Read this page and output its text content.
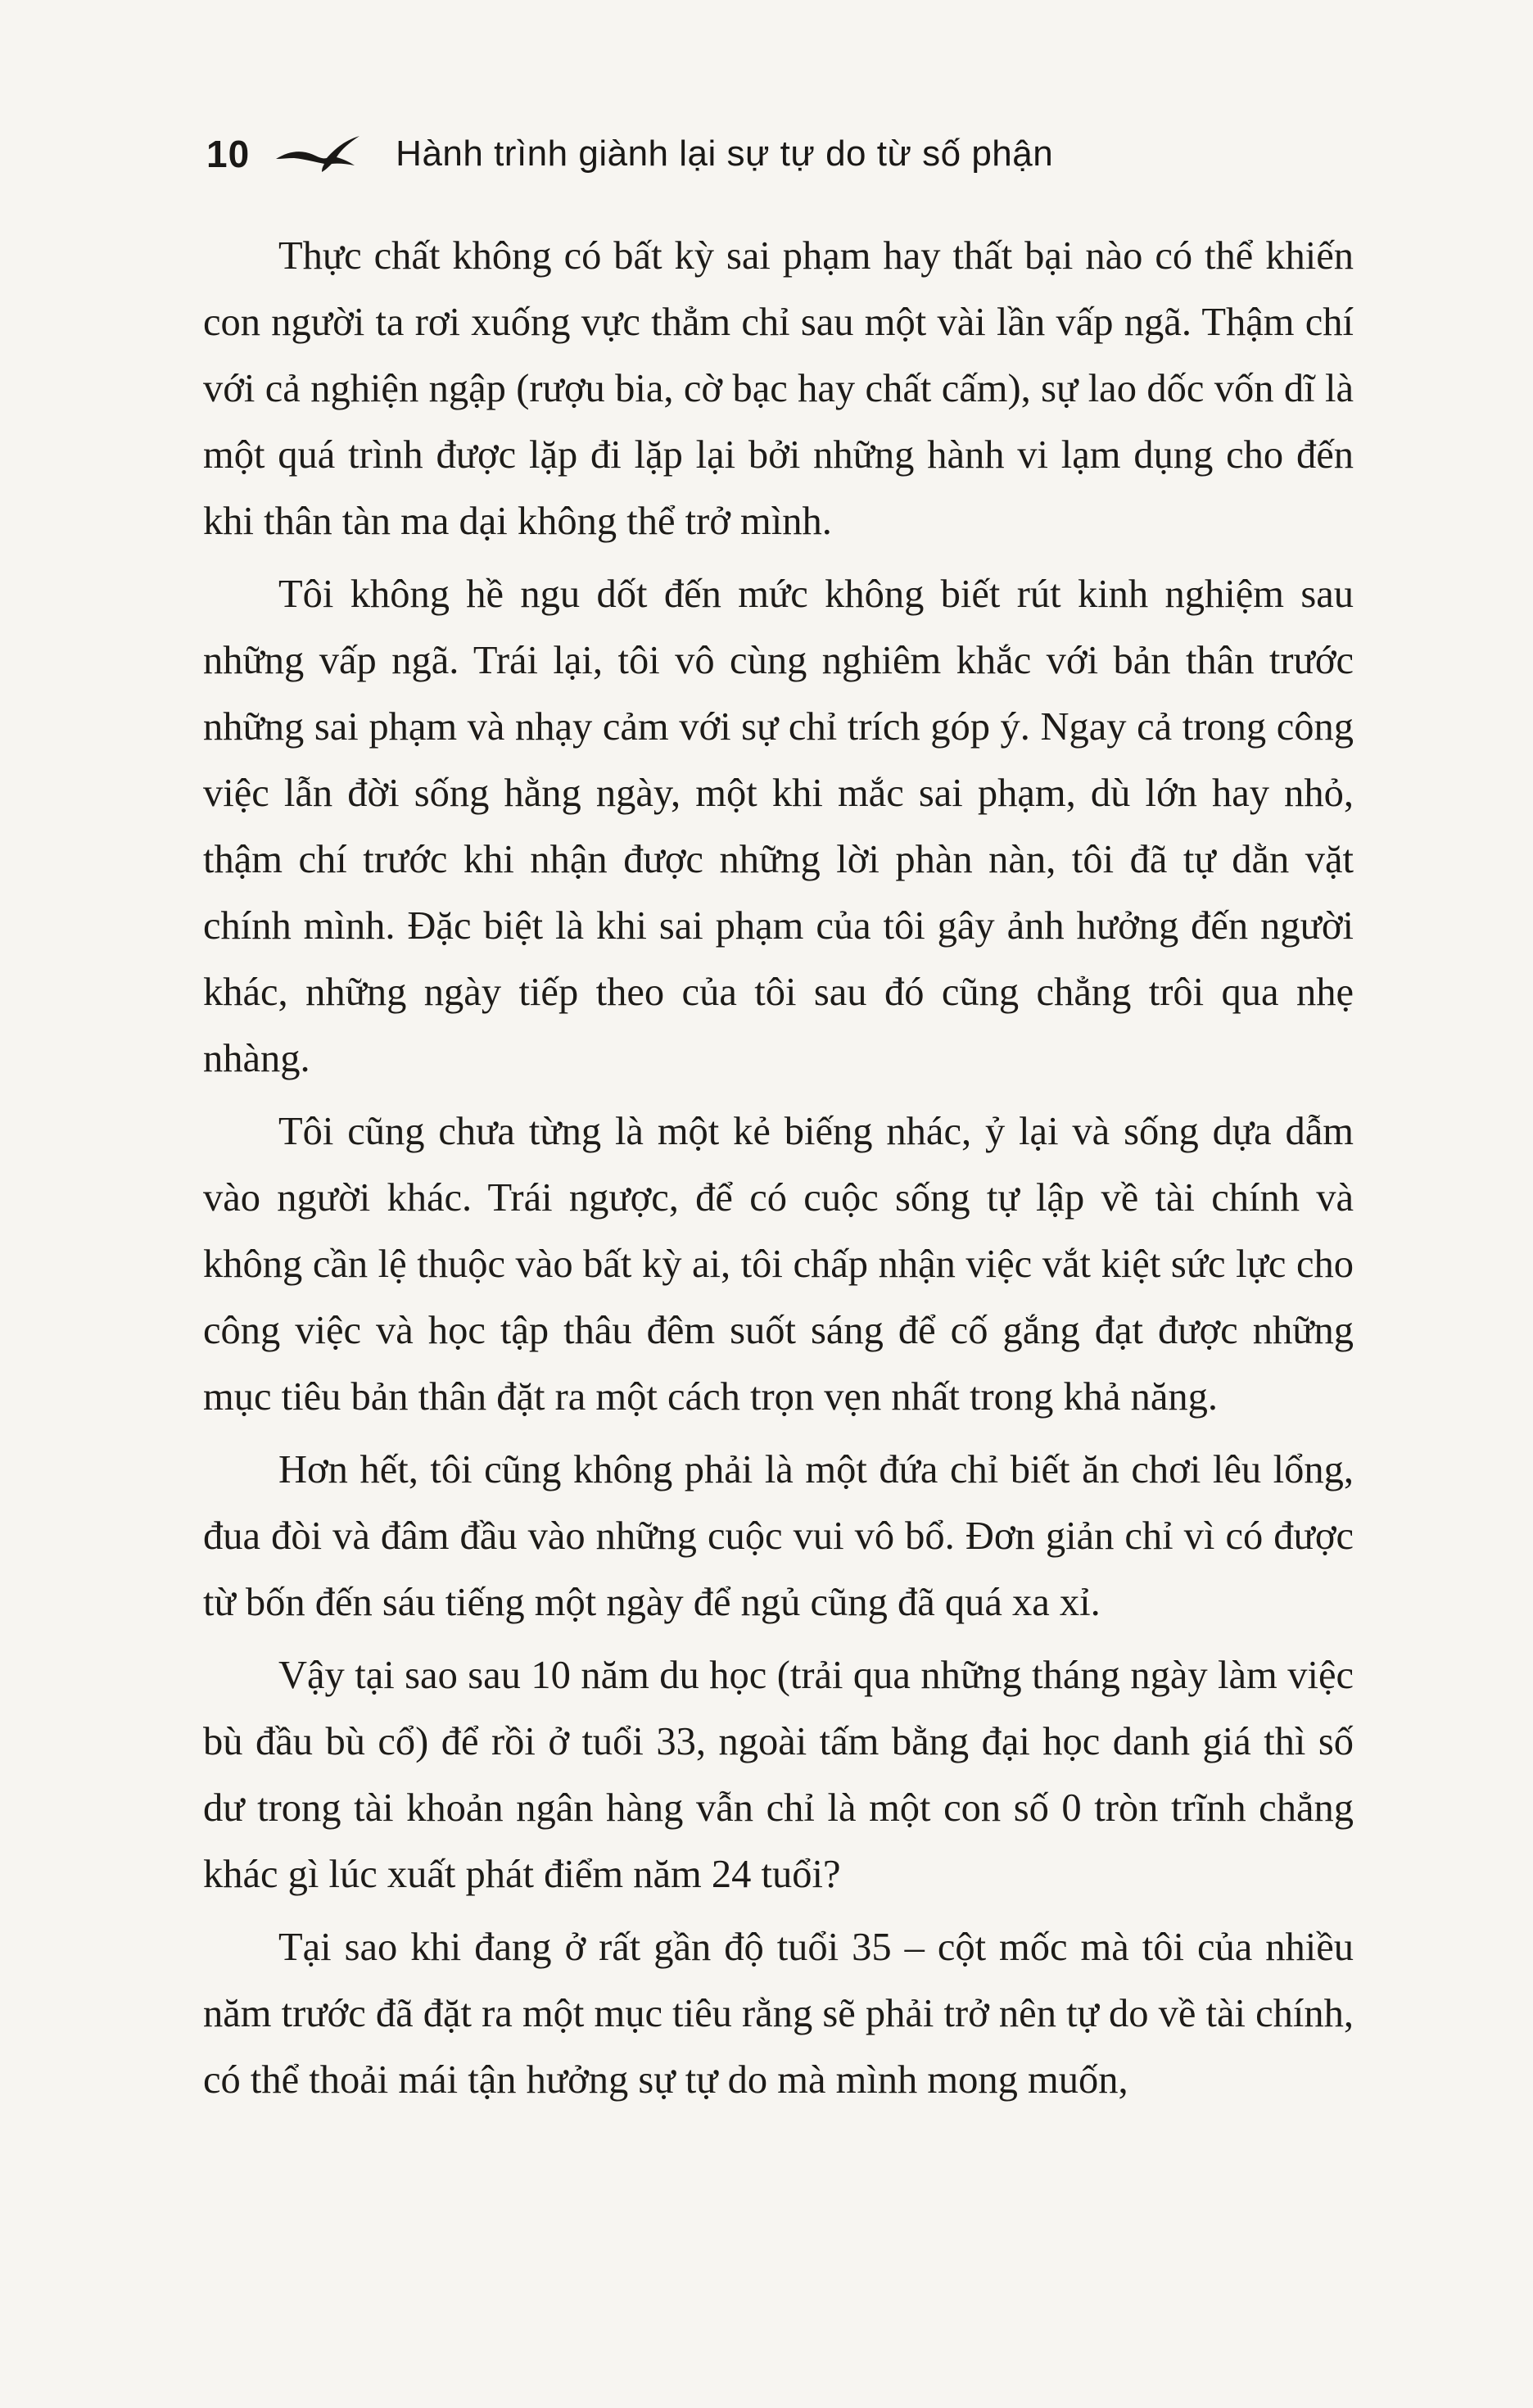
10	Hành trình giành lại sự tự do từ số phận

Thực chất không có bất kỳ sai phạm hay thất bại nào có thể khiến con người ta rơi xuống vực thẳm chỉ sau một vài lần vấp ngã. Thậm chí với cả nghiện ngập (rượu bia, cờ bạc hay chất cấm), sự lao dốc vốn dĩ là một quá trình được lặp đi lặp lại bởi những hành vi lạm dụng cho đến khi thân tàn ma dại không thể trở mình.

Tôi không hề ngu dốt đến mức không biết rút kinh nghiệm sau những vấp ngã. Trái lại, tôi vô cùng nghiêm khắc với bản thân trước những sai phạm và nhạy cảm với sự chỉ trích góp ý. Ngay cả trong công việc lẫn đời sống hằng ngày, một khi mắc sai phạm, dù lớn hay nhỏ, thậm chí trước khi nhận được những lời phàn nàn, tôi đã tự dằn vặt chính mình. Đặc biệt là khi sai phạm của tôi gây ảnh hưởng đến người khác, những ngày tiếp theo của tôi sau đó cũng chẳng trôi qua nhẹ nhàng.

Tôi cũng chưa từng là một kẻ biếng nhác, ỷ lại và sống dựa dẫm vào người khác. Trái ngược, để có cuộc sống tự lập về tài chính và không cần lệ thuộc vào bất kỳ ai, tôi chấp nhận việc vắt kiệt sức lực cho công việc và học tập thâu đêm suốt sáng để cố gắng đạt được những mục tiêu bản thân đặt ra một cách trọn vẹn nhất trong khả năng.

Hơn hết, tôi cũng không phải là một đứa chỉ biết ăn chơi lêu lổng, đua đòi và đâm đầu vào những cuộc vui vô bổ. Đơn giản chỉ vì có được từ bốn đến sáu tiếng một ngày để ngủ cũng đã quá xa xỉ.

Vậy tại sao sau 10 năm du học (trải qua những tháng ngày làm việc bù đầu bù cổ) để rồi ở tuổi 33, ngoài tấm bằng đại học danh giá thì số dư trong tài khoản ngân hàng vẫn chỉ là một con số 0 tròn trĩnh chẳng khác gì lúc xuất phát điểm năm 24 tuổi?

Tại sao khi đang ở rất gần độ tuổi 35 – cột mốc mà tôi của nhiều năm trước đã đặt ra một mục tiêu rằng sẽ phải trở nên tự do về tài chính, có thể thoải mái tận hưởng sự tự do mà mình mong muốn,
